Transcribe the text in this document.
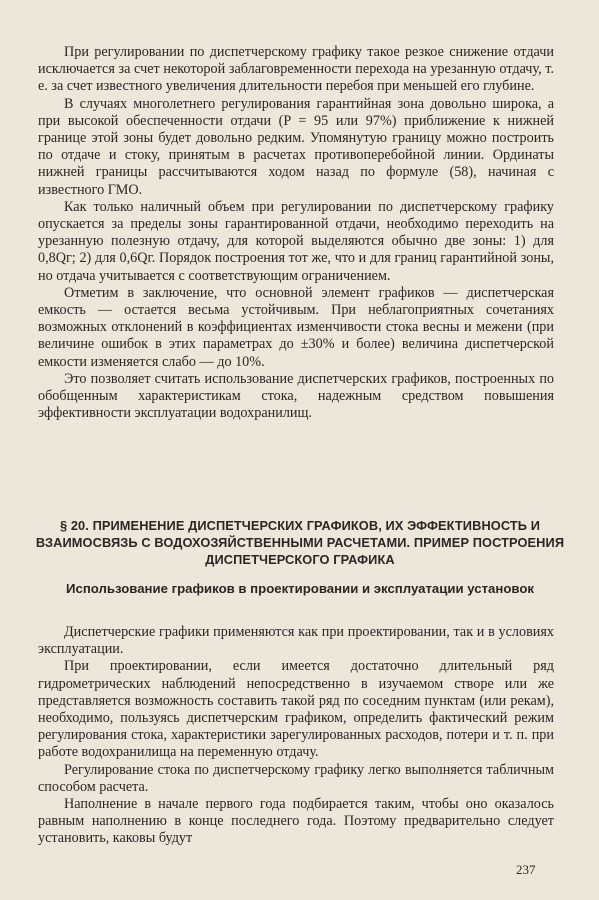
При регулировании по диспетчерскому графику такое резкое снижение отдачи исключается за счет некоторой заблаговременности перехода на урезанную отдачу, т. е. за счет известного увеличения длительности перебоя при меньшей его глубине.

В случаях многолетнего регулирования гарантийная зона довольно широка, а при высокой обеспеченности отдачи (P = 95 или 97%) приближение к нижней границе этой зоны будет довольно редким. Упомянутую границу можно построить по отдаче и стоку, принятым в расчетах противоперебойной линии. Ординаты нижней границы рассчитываются ходом назад по формуле (58), начиная с известного ГМО.

Как только наличный объем при регулировании по диспетчерскому графику опускается за пределы зоны гарантированной отдачи, необходимо переходить на урезанную полезную отдачу, для которой выделяются обычно две зоны: 1) для 0,8Qг; 2) для 0,6Qг. Порядок построения тот же, что и для границ гарантийной зоны, но отдача учитывается с соответствующим ограничением.

Отметим в заключение, что основной элемент графиков — диспетчерская емкость — остается весьма устойчивым. При неблагоприятных сочетаниях возможных отклонений в коэффициентах изменчивости стока весны и межени (при величине ошибок в этих параметрах до ±30% и более) величина диспетчерской емкости изменяется слабо — до 10%.

Это позволяет считать использование диспетчерских графиков, построенных по обобщенным характеристикам стока, надежным средством повышения эффективности эксплуатации водохранилищ.

§ 20. ПРИМЕНЕНИЕ ДИСПЕТЧЕРСКИХ ГРАФИКОВ, ИХ ЭФФЕКТИВНОСТЬ И ВЗАИМОСВЯЗЬ С ВОДОХОЗЯЙСТВЕННЫМИ РАСЧЕТАМИ. ПРИМЕР ПОСТРОЕНИЯ ДИСПЕТЧЕРСКОГО ГРАФИКА
Использование графиков в проектировании и эксплуатации установок

Диспетчерские графики применяются как при проектировании, так и в условиях эксплуатации.

При проектировании, если имеется достаточно длительный ряд гидрометрических наблюдений непосредственно в изучаемом створе или же представляется возможность составить такой ряд по соседним пунктам (или рекам), необходимо, пользуясь диспетчерским графиком, определить фактический режим регулирования стока, характеристики зарегулированных расходов, потери и т. п. при работе водохранилища на переменную отдачу.

Регулирование стока по диспетчерскому графику легко выполняется табличным способом расчета.

Наполнение в начале первого года подбирается таким, чтобы оно оказалось равным наполнению в конце последнего года. Поэтому предварительно следует установить, каковы будут

237
